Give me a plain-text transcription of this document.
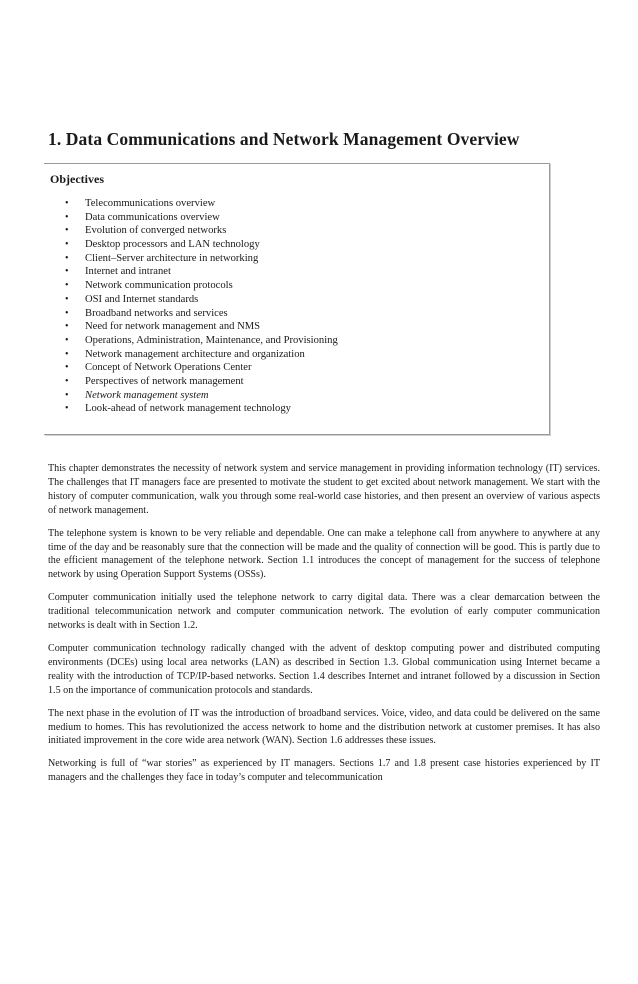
1. Data Communications and Network Management Overview
Objectives
• Telecommunications overview
• Data communications overview
• Evolution of converged networks
• Desktop processors and LAN technology
• Client–Server architecture in networking
• Internet and intranet
• Network communication protocols
• OSI and Internet standards
• Broadband networks and services
• Need for network management and NMS
• Operations, Administration, Maintenance, and Provisioning
• Network management architecture and organization
• Concept of Network Operations Center
• Perspectives of network management
• Network management system
• Look-ahead of network management technology

This chapter demonstrates the necessity of network system and service management in providing information technology (IT) services. The challenges that IT managers face are presented to motivate the student to get excited about network management. We start with the history of computer communication, walk you through some real-world case histories, and then present an overview of various aspects of network management.

The telephone system is known to be very reliable and dependable. One can make a telephone call from anywhere to anywhere at any time of the day and be reasonably sure that the connection will be made and the quality of connection will be good. This is partly due to the efficient management of the telephone network. Section 1.1 introduces the concept of management for the success of telephone network by using Operation Support Systems (OSSs).

Computer communication initially used the telephone network to carry digital data. There was a clear demarcation between the traditional telecommunication network and computer communication network. The evolution of early computer communication networks is dealt with in Section 1.2.

Computer communication technology radically changed with the advent of desktop computing power and distributed computing environments (DCEs) using local area networks (LAN) as described in Section 1.3. Global communication using Internet became a reality with the introduction of TCP/IP-based networks. Section 1.4 describes Internet and intranet followed by a discussion in Section 1.5 on the importance of communication protocols and standards.

The next phase in the evolution of IT was the introduction of broadband services. Voice, video, and data could be delivered on the same medium to homes. This has revolutionized the access network to home and the distribution network at customer premises. It has also initiated improvement in the core wide area network (WAN). Section 1.6 addresses these issues.

Networking is full of “war stories” as experienced by IT managers. Sections 1.7 and 1.8 present case histories experienced by IT managers and the challenges they face in today’s computer and telecommunication
